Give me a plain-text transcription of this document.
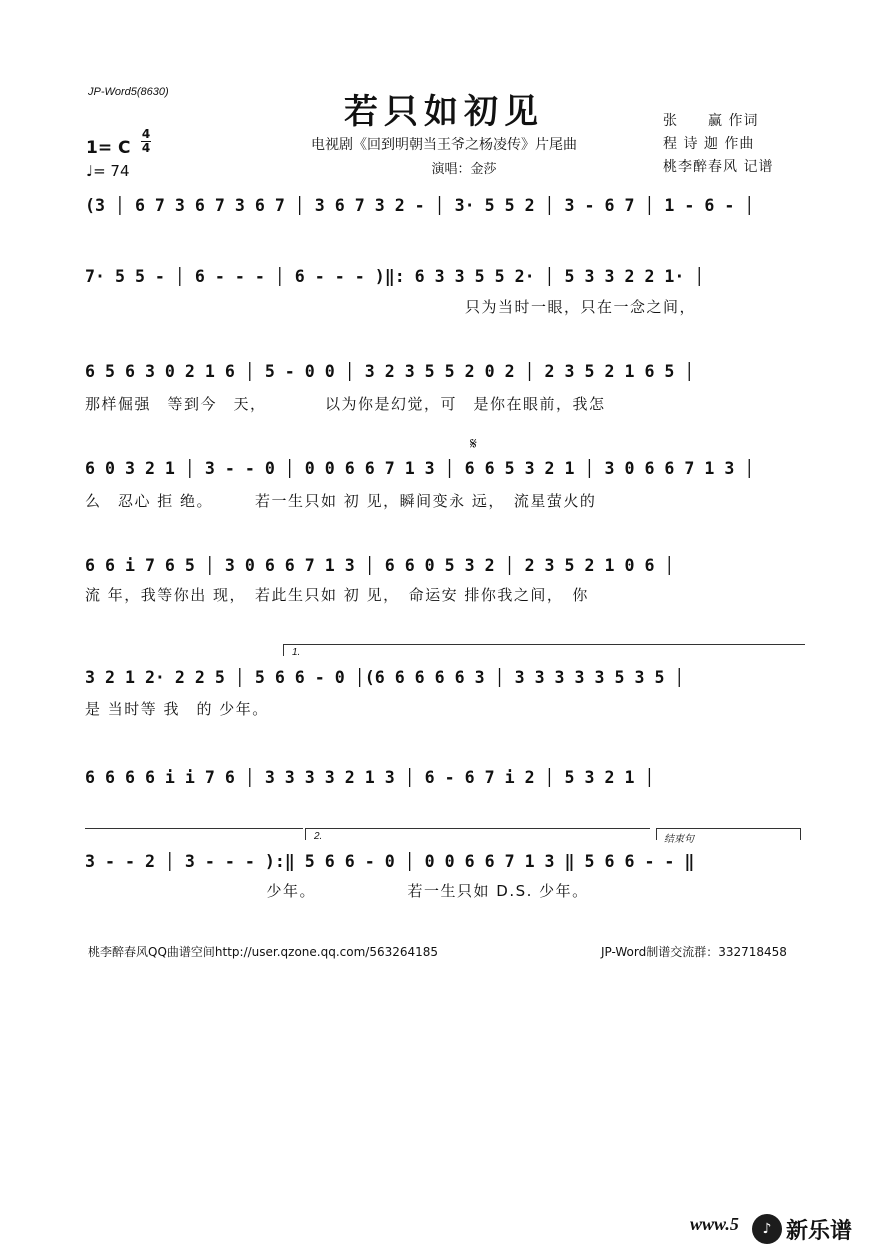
JP-Word5(8630)	若只如初见
电视剧《回到明朝当王爷之杨凌传》片尾曲
演唱：金莎
张　　赢 作词
程 诗 迦 作曲
桃李醉春风 记谱
1= C
4
4
♩= 74
(3 │ 6 7 3 6 7 3 6 7 │ 3 6 7 3 2 - │ 3· 5 5 2 │ 3 - 6 7 │ 1 - 6 - │
7· 5 5 - │ 6 - - - │ 6 - - - )‖: 6 3 3 5 5 2· │ 5 3 3 2 2 1· │
只为当时一眼，只在一念之间，
6 5 6 3 0 2 1 6 │ 5 - 0 0 │ 3 2 3 5 5 2 0 2 │ 2 3 5 2 1 6 5 │
那样倔强　等到今　天，　　　　以为你是幻觉，可　是你在眼前，我怎
𝄋
6 0 3 2 1 │ 3 - - 0 │ 0 0 6 6 7 1 3 │ 6 6 5 3 2 1 │ 3 0 6 6 7 1 3 │
么　忍心 拒 绝。　　　若一生只如 初 见，瞬间变永 远，　流星萤火的
6 6 i 7 6 5 │ 3 0 6 6 7 1 3 │ 6 6 0 5 3 2 │ 2 3 5 2 1 0 6 │
流 年，我等你出 现，　若此生只如 初 见，　命运安 排你我之间，　你
1.
3 2 1 2· 2 2 5 │ 5 6 6 - 0 │(6 6 6 6 6 3 │ 3 3 3 3 3 5 3 5 │
是 当时等 我　的 少年。
6 6 6 6 i i 7 6 │ 3 3 3 3 2 1 3 │ 6 - 6 7 i 2 │ 5 3 2 1 │
2.	结束句
3 - - 2 │ 3 - - - ):‖ 5 6 6 - 0 │ 0 0 6 6 7 1 3 ‖ 5 6 6 - - ‖
　　　　　　　　　　　少年。　　　　　　若一生只如 D.S. 少年。
桃李醉春风QQ曲谱空间http://user.qzone.qq.com/563264185	JP-Word制谱交流群：332718458
www.5	♪ 新乐谱
